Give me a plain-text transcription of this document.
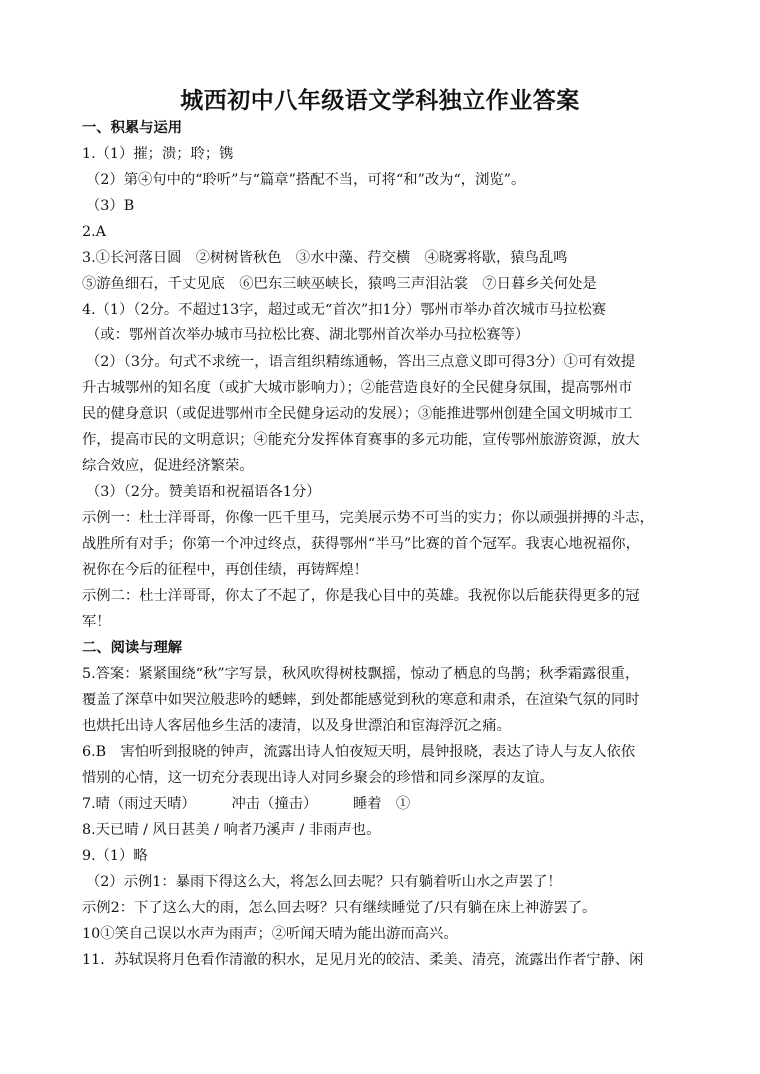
城西初中八年级语文学科独立作业答案
一、积累与运用
1.（1）摧；溃；聆；镌
（2）第④句中的“聆听”与“篇章”搭配不当，可将“和”改为“，浏览”。
（3）B
2.A
3.①长河落日圆　②树树皆秋色　③水中藻、荇交横　④晓雾将歇，猿鸟乱鸣
⑤游鱼细石，千丈见底　⑥巴东三峡巫峡长，猿鸣三声泪沾裳　⑦日暮乡关何处是
4.（1）（2分。不超过13字，超过或无“首次”扣1分）鄂州市举办首次城市马拉松赛
（或：鄂州首次举办城市马拉松比赛、湖北鄂州首次举办马拉松赛等）
（2）（3分。句式不求统一，语言组织精练通畅，答出三点意义即可得3分）①可有效提
升古城鄂州的知名度（或扩大城市影响力）；②能营造良好的全民健身氛围，提高鄂州市
民的健身意识（或促进鄂州市全民健身运动的发展）；③能推进鄂州创建全国文明城市工
作，提高市民的文明意识；④能充分发挥体育赛事的多元功能，宣传鄂州旅游资源，放大
综合效应，促进经济繁荣。
（3）（2分。赞美语和祝福语各1分）
示例一：杜士洋哥哥，你像一匹千里马，完美展示势不可当的实力；你以顽强拼搏的斗志，
战胜所有对手；你第一个冲过终点，获得鄂州“半马”比赛的首个冠军。我衷心地祝福你，
祝你在今后的征程中，再创佳绩，再铸辉煌！
示例二：杜士洋哥哥，你太了不起了，你是我心目中的英雄。我祝你以后能获得更多的冠
军！
二、阅读与理解
5.答案：紧紧围绕“秋”字写景，秋风吹得树枝飘摇，惊动了栖息的鸟鹊；秋季霜露很重，
覆盖了深草中如哭泣般悲吟的蟋蟀，到处都能感觉到秋的寒意和肃杀，在渲染气氛的同时
也烘托出诗人客居他乡生活的凄清，以及身世漂泊和宦海浮沉之痛。
6.B　害怕听到报晓的钟声，流露出诗人怕夜短天明，晨钟报晓，表达了诗人与友人依依
惜别的心情，这一切充分表现出诗人对同乡聚会的珍惜和同乡深厚的友谊。
7.晴（雨过天晴）　　　冲击（撞击）　　　睡着　①
8.天已晴 / 风日甚美 / 响者乃溪声 / 非雨声也。
9.（1）略
（2）示例1：暴雨下得这么大，将怎么回去呢？只有躺着听山水之声罢了！
示例2：下了这么大的雨，怎么回去呀？只有继续睡觉了/只有躺在床上神游罢了。
10①笑自己误以水声为雨声；②听闻天晴为能出游而高兴。
11．苏轼误将月色看作清澈的积水，足见月光的皎洁、柔美、清亮，流露出作者宁静、闲
